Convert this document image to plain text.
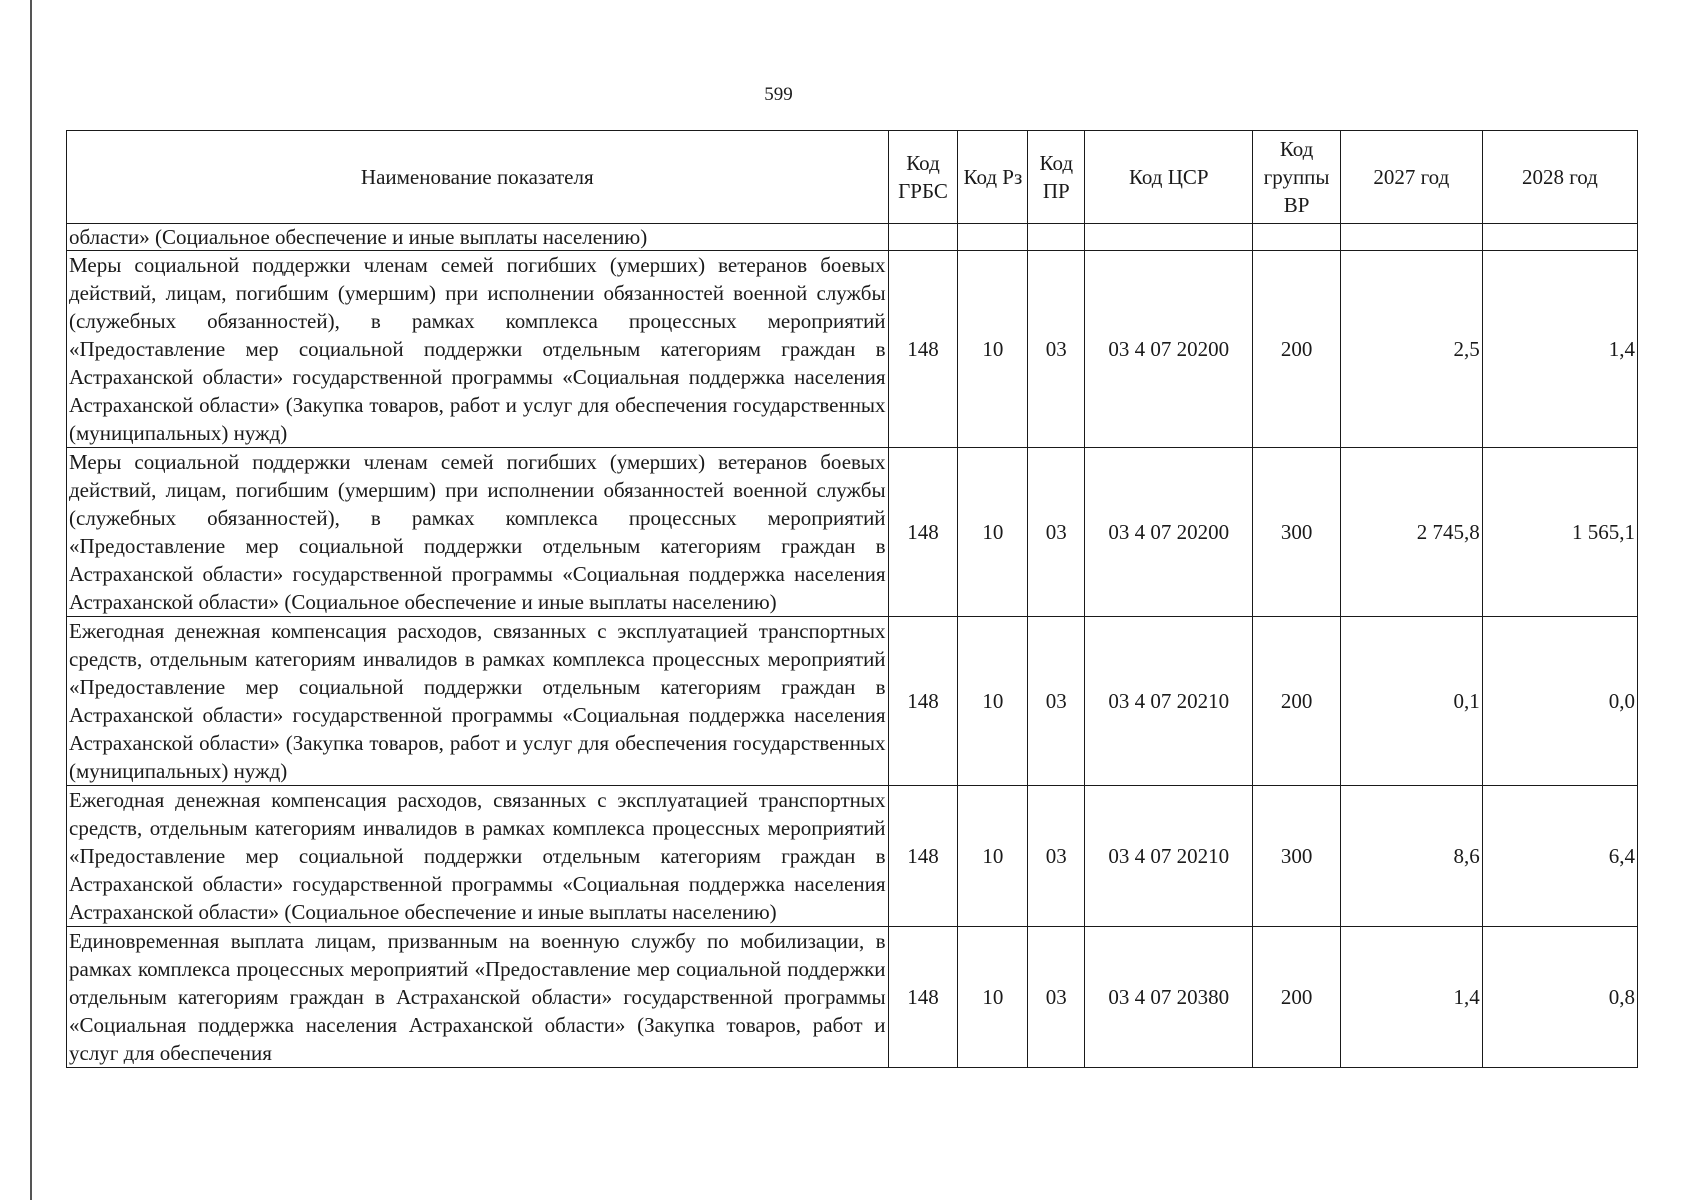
599
Наименование показателя	Код ГРБС	Код Рз	Код ПР	Код ЦСР	Код группы ВР	2027 год	2028 год
области» (Социальное обеспечение и иные выплаты населению)							
Меры социальной поддержки членам семей погибших (умерших) ветеранов боевых действий, лицам, погибшим (умершим) при исполнении обязанностей военной службы (служебных обязанностей), в рамках комплекса процессных мероприятий «Предоставление мер социальной поддержки отдельным категориям граждан в Астраханской области» государственной программы «Социальная поддержка населения Астраханской области» (Закупка товаров, работ и услуг для обеспечения государственных (муниципальных) нужд)	148	10	03	03 4 07 20200	200	2,5	1,4
Меры социальной поддержки членам семей погибших (умерших) ветеранов боевых действий, лицам, погибшим (умершим) при исполнении обязанностей военной службы (служебных обязанностей), в рамках комплекса процессных мероприятий «Предоставление мер социальной поддержки отдельным категориям граждан в Астраханской области» государственной программы «Социальная поддержка населения Астраханской области» (Социальное обеспечение и иные выплаты населению)	148	10	03	03 4 07 20200	300	2 745,8	1 565,1
Ежегодная денежная компенсация расходов, связанных с эксплуатацией транспортных средств, отдельным категориям инвалидов в рамках комплекса процессных мероприятий «Предоставление мер социальной поддержки отдельным категориям граждан в Астраханской области» государственной программы «Социальная поддержка населения Астраханской области» (Закупка товаров, работ и услуг для обеспечения государственных (муниципальных) нужд)	148	10	03	03 4 07 20210	200	0,1	0,0
Ежегодная денежная компенсация расходов, связанных с эксплуатацией транспортных средств, отдельным категориям инвалидов в рамках комплекса процессных мероприятий «Предоставление мер социальной поддержки отдельным категориям граждан в Астраханской области» государственной программы «Социальная поддержка населения Астраханской области» (Социальное обеспечение и иные выплаты населению)	148	10	03	03 4 07 20210	300	8,6	6,4
Единовременная выплата лицам, призванным на военную службу по мобилизации, в рамках комплекса процессных мероприятий «Предоставление мер социальной поддержки отдельным категориям граждан в Астраханской области» государственной программы «Социальная поддержка населения Астраханской области» (Закупка товаров, работ и услуг для обеспечения	148	10	03	03 4 07 20380	200	1,4	0,8
